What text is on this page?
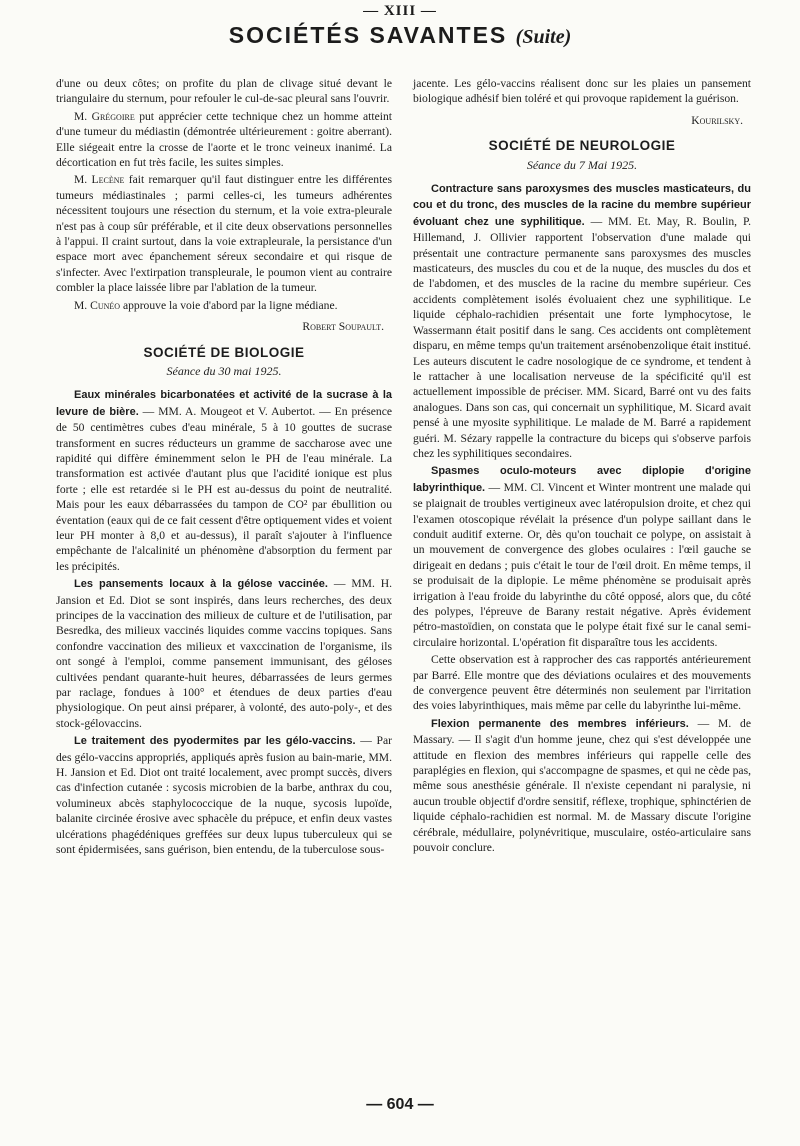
— XIII —
SOCIÉTÉS SAVANTES (Suite)

d'une ou deux côtes; on profite du plan de clivage situé devant le triangulaire du sternum, pour refouler le cul-de-sac pleural sans l'ouvrir.

M. Grégoire put apprécier cette technique chez un homme atteint d'une tumeur du médiastin (démontrée ultérieurement : goitre aberrant). Elle siégeait entre la crosse de l'aorte et le tronc veineux inanimé. La décortication en fut très facile, les suites simples.

M. Lecène fait remarquer qu'il faut distinguer entre les différentes tumeurs médiastinales ; parmi celles-ci, les tumeurs adhérentes nécessitent toujours une résection du sternum, et la voie extra-pleurale n'est pas à coup sûr préférable, et il cite deux observations personnelles à l'appui. Il craint surtout, dans la voie extrapleurale, la persistance d'un espace mort avec épanchement séreux secondaire et qui risque de s'infecter. Avec l'extirpation transpleurale, le poumon vient au contraire combler la place laissée libre par l'ablation de la tumeur.

M. Cunéo approuve la voie d'abord par la ligne médiane.

Robert Soupault.
SOCIÉTÉ DE BIOLOGIE
Séance du 30 mai 1925.

Eaux minérales bicarbonatées et activité de la sucrase à la levure de bière. — MM. A. Mougeot et V. Aubertot. — En présence de 50 centimètres cubes d'eau minérale, 5 à 10 gouttes de sucrase transforment en sucres réducteurs un gramme de saccharose avec une rapidité qui diffère éminemment selon le PH de l'eau minérale. La transformation est activée d'autant plus que l'acidité ionique est plus forte ; elle est retardée si le PH est au-dessus du point de neutralité. Mais pour les eaux débarrassées du tampon de CO² par ébullition ou éventation (eaux qui de ce fait cessent d'être optiquement vides et voient leur PH monter à 8,0 et au-dessus), il paraît s'ajouter à l'influence empêchante de l'alcalinité un phénomène d'absorption du ferment par les précipités.

Les pansements locaux à la gélose vaccinée. — MM. H. Jansion et Ed. Diot se sont inspirés, dans leurs recherches, des deux principes de la vaccination des milieux de culture et de l'utilisation, par Besredka, des milieux vaccinés liquides comme vaccins topiques. Sans confondre vaccination des milieux et vaxccination de l'organisme, ils ont songé à l'emploi, comme pansement immunisant, des géloses cultivées pendant quarante-huit heures, débarrassées de leurs germes par raclage, fondues à 100° et étendues de deux parties d'eau physiologique. On peut ainsi préparer, à volonté, des auto-poly-, et des stock-gélovaccins.

Le traitement des pyodermites par les gélo-vaccins. — Par des gélo-vaccins appropriés, appliqués après fusion au bain-marie, MM. H. Jansion et Ed. Diot ont traité localement, avec prompt succès, divers cas d'infection cutanée : sycosis microbien de la barbe, anthrax du cou, volumineux abcès staphylococcique de la nuque, sycosis lupoïde, balanite circinée érosive avec sphacèle du prépuce, et enfin deux vastes ulcérations phagédéniques greffées sur deux lupus tuberculeux qui se sont épidermisées, sans guérison, bien entendu, de la tuberculose sous-

jacente. Les gélo-vaccins réalisent donc sur les plaies un pansement biologique adhésif bien toléré et qui provoque rapidement la guérison.

Kourilsky.
SOCIÉTÉ DE NEUROLOGIE
Séance du 7 Mai 1925.

Contracture sans paroxysmes des muscles masticateurs, du cou et du tronc, des muscles de la racine du membre supérieur évoluant chez une syphilitique. — MM. Et. May, R. Boulin, P. Hillemand, J. Ollivier rapportent l'observation d'une malade qui présentait une contracture permanente sans paroxysmes des muscles masticateurs, des muscles du cou et de la nuque, des muscles du dos et de l'abdomen, et des muscles de la racine du membre supérieur. Ces accidents complètement isolés évoluaient chez une syphilitique. Le liquide céphalo-rachidien présentait une forte lymphocytose, le Wassermann était positif dans le sang. Ces accidents ont complètement disparu, en même temps qu'un traitement arsénobenzolique était institué. Les auteurs discutent le cadre nosologique de ce syndrome, et tendent à le rattacher à une localisation nerveuse de la spécificité qu'il est actuellement impossible de préciser. MM. Sicard, Barré ont vu des faits analogues. Dans son cas, qui concernait un syphilitique, M. Sicard avait pensé à une myosite syphilitique. Le malade de M. Barré a rapidement guéri. M. Sézary rappelle la contracture du biceps qui s'observe parfois chez les syphilitiques secondaires.

Spasmes oculo-moteurs avec diplopie d'origine labyrinthique. — MM. Cl. Vincent et Winter montrent une malade qui se plaignait de troubles vertigineux avec latéropulsion droite, et chez qui l'examen otoscopique révélait la présence d'un polype saillant dans le conduit auditif externe. Or, dès qu'on touchait ce polype, on assistait à un mouvement de convergence des globes oculaires : l'œil gauche se dirigeait en dedans ; puis c'était le tour de l'œil droit. En même temps, il se produisait de la diplopie. Le même phénomène se produisait après irrigation à l'eau froide du labyrinthe du côté opposé, alors que, du côté des polypes, l'épreuve de Barany restait négative. Après évidement pétro-mastoïdien, on constata que le polype était fixé sur le canal semi-circulaire horizontal. L'opération fit disparaître tous les accidents.

Cette observation est à rapprocher des cas rapportés antérieurement par Barré. Elle montre que des déviations oculaires et des mouvements de convergence peuvent être déterminés non seulement par l'irritation des voies labyrinthiques, mais même par celle du labyrinthe lui-même.

Flexion permanente des membres inférieurs. — M. de Massary. — Il s'agit d'un homme jeune, chez qui s'est développée une attitude en flexion des membres inférieurs qui rappelle celle des paraplégies en flexion, qui s'accompagne de spasmes, et qui ne cède pas, même sous anesthésie générale. Il n'existe cependant ni paralysie, ni aucun trouble objectif d'ordre sensitif, réflexe, trophique, sphinctérien de liquide céphalo-rachidien est normal. M. de Massary discute l'origine cérébrale, médullaire, polynévritique, musculaire, ostéo-articulaire sans pouvoir conclure.

— 604 —
